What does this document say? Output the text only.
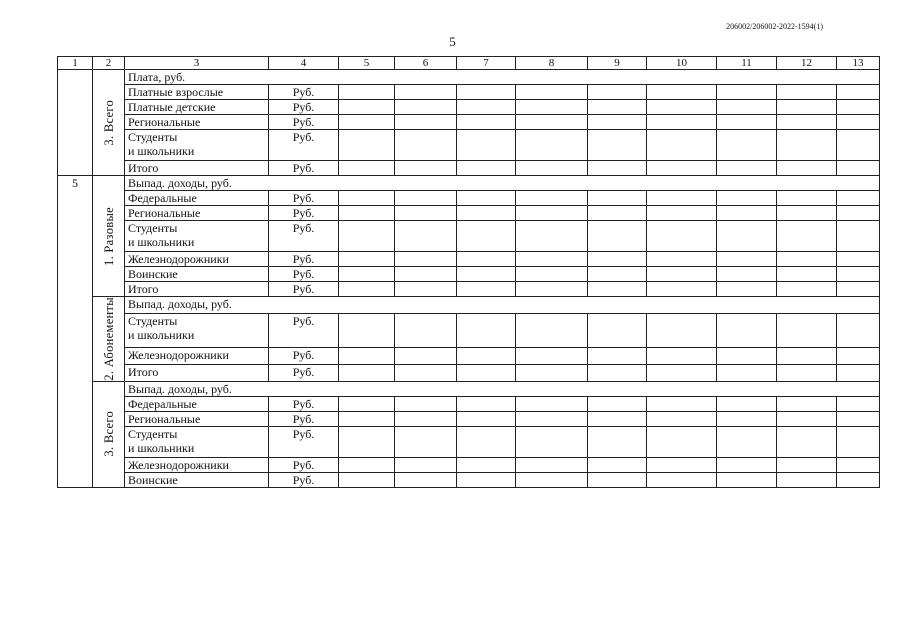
206002/206002-2022-1594(1)
5
1	2	3	4	5	6	7	8	9	10	11	12	13

	3. Всего	Плата, руб.										
		Платные взрослые	Руб.									
		Платные детские	Руб.									
		Региональные	Руб.									
		Студенты
и школьники	Руб.									
		Итого	Руб.									
5	1. Разовые	Выпад. доходы, руб.										
		Федеральные	Руб.									
		Региональные	Руб.									
		Студенты
и школьники	Руб.									
		Железнодорожники	Руб.									
		Воинские	Руб.									
		Итого	Руб.									

	2. Абонементы	Выпад. доходы, руб.										
		Студенты
и школьники	Руб.									
		Железнодорожники	Руб.									
		Итого	Руб.									

	3. Всего	Выпад. доходы, руб.										
		Федеральные	Руб.									
		Региональные	Руб.									
		Студенты
и школьники	Руб.									
		Железнодорожники	Руб.									
		Воинские	Руб.									
